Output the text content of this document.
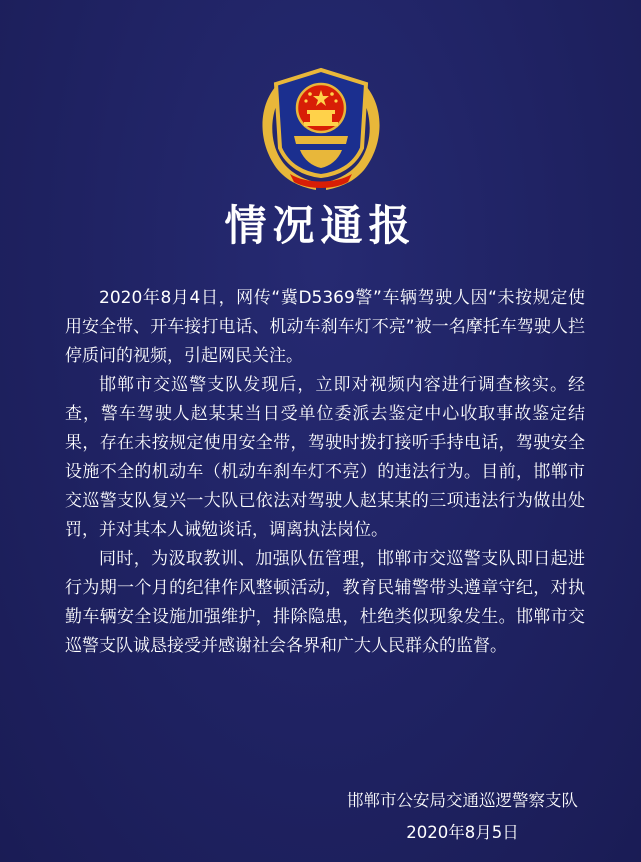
情况通报

2020年8月4日，网传“冀D5369警”车辆驾驶人因“未按规定使用安全带、开车接打电话、机动车刹车灯不亮”被一名摩托车驾驶人拦停质问的视频，引起网民关注。

邯郸市交巡警支队发现后，立即对视频内容进行调查核实。经查，警车驾驶人赵某某当日受单位委派去鉴定中心收取事故鉴定结果，存在未按规定使用安全带，驾驶时拨打接听手持电话，驾驶安全设施不全的机动车（机动车刹车灯不亮）的违法行为。目前，邯郸市交巡警支队复兴一大队已依法对驾驶人赵某某的三项违法行为做出处罚，并对其本人诫勉谈话，调离执法岗位。

同时，为汲取教训、加强队伍管理，邯郸市交巡警支队即日起进行为期一个月的纪律作风整顿活动，教育民辅警带头遵章守纪，对执勤车辆安全设施加强维护，排除隐患，杜绝类似现象发生。邯郸市交巡警支队诚恳接受并感谢社会各界和广大人民群众的监督。

邯郸市公安局交通巡逻警察支队
2020年8月5日
